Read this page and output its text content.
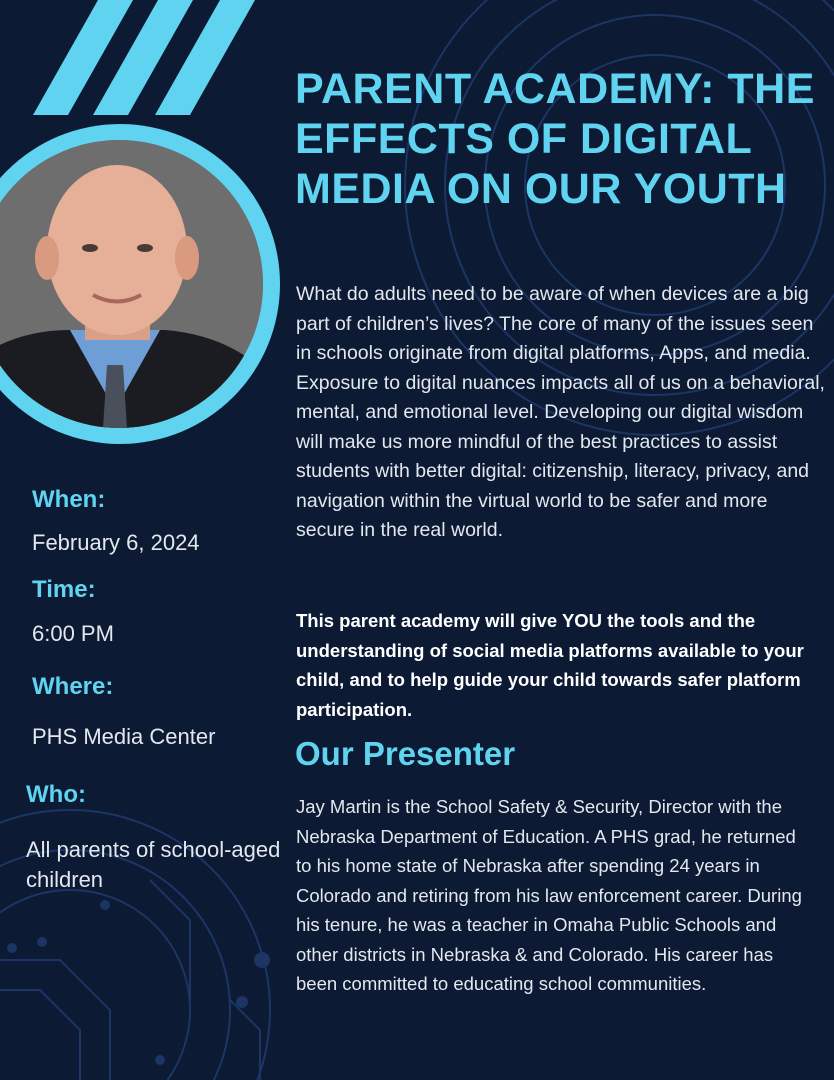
PARENT ACADEMY: THE EFFECTS OF DIGITAL MEDIA ON OUR YOUTH

What do adults need to be aware of when devices are a big part of children’s lives? The core of many of the issues seen in schools originate from digital platforms, Apps, and media. Exposure to digital nuances impacts all of us on a behavioral, mental, and emotional level. Developing our digital wisdom will make us more mindful of the best practices to assist students with better digital: citizenship, literacy, privacy, and navigation within the virtual world to be safer and more secure in the real world.

This parent academy will give YOU the tools and the understanding of social media platforms available to your child, and to help guide your child towards safer platform participation.

Our Presenter

Jay Martin is the School Safety & Security, Director with the Nebraska Department of Education. A PHS grad, he returned to his home state of Nebraska after spending 24 years in Colorado and retiring from his law enforcement career. During his tenure, he was a teacher in Omaha Public Schools and other districts in Nebraska & and Colorado. His career has been committed to educating school communities.

When:

February 6, 2024

Time:

6:00 PM

Where:

PHS Media Center

Who:

All parents of school-aged children
